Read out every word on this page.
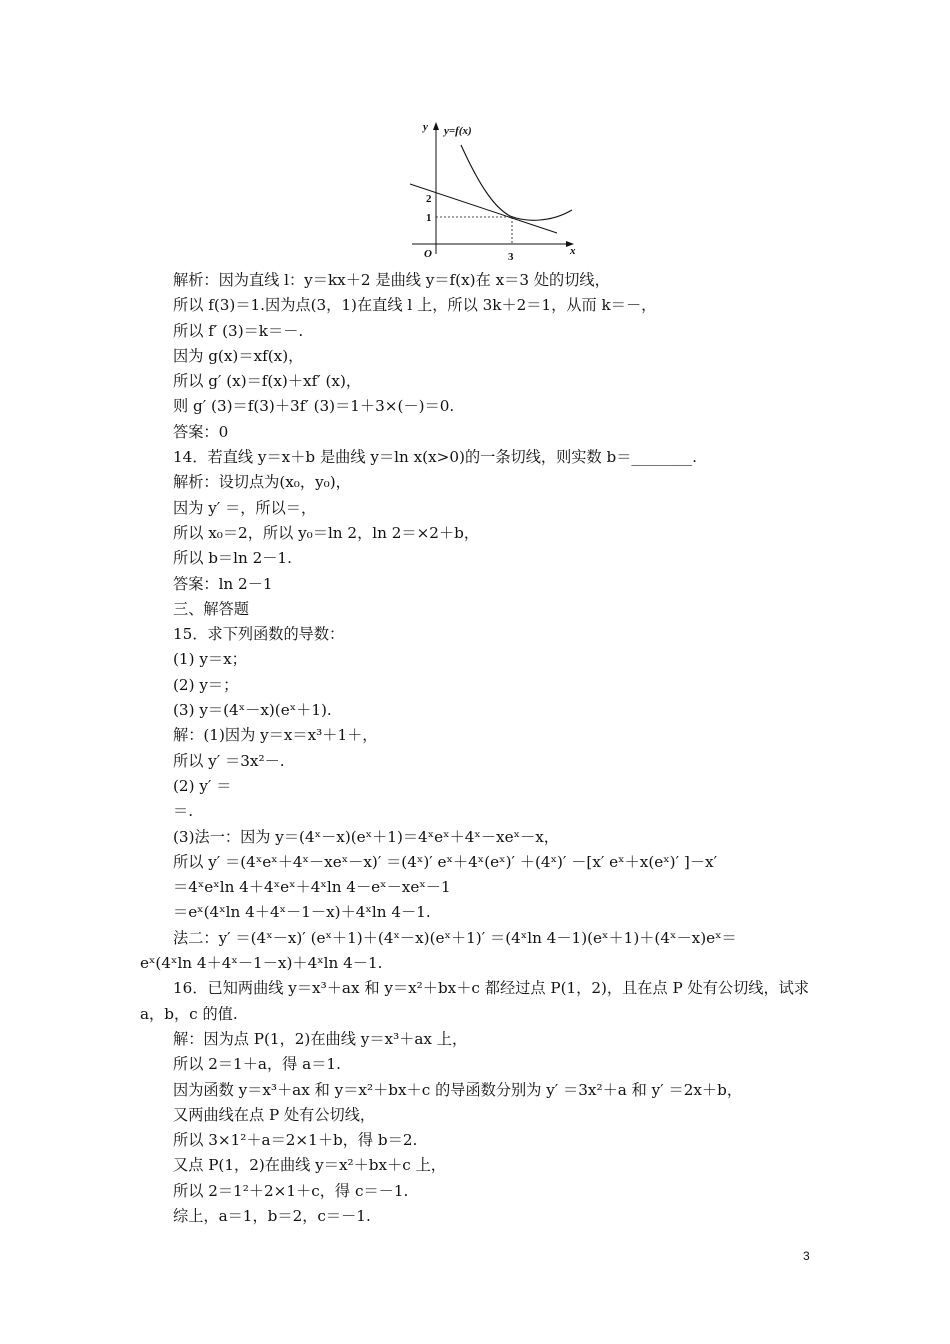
y y=f(x)
x
O
2
1
3
解析：因为直线 l：y＝kx＋2 是曲线 y＝f(x)在 x＝3 处的切线，
所以 f(3)＝1.因为点(3，1)在直线 l 上，所以 3k＋2＝1，从而 k＝－，
所以 f′ (3)＝k＝－.
因为 g(x)＝xf(x)，
所以 g′ (x)＝f(x)＋xf′ (x)，
则 g′ (3)＝f(3)＋3f′ (3)＝1＋3×(－)＝0.
答案：0
14．若直线 y＝x＋b 是曲线 y＝ln x(x>0)的一条切线，则实数 b＝________.
解析：设切点为(x₀，y₀)，
因为 y′ ＝，所以＝，
所以 x₀＝2，所以 y₀＝ln 2，ln 2＝×2＋b，
所以 b＝ln 2－1.
答案：ln 2－1
三、解答题
15．求下列函数的导数：
(1) y＝x；
(2) y＝；
(3) y＝(4ˣ－x)(eˣ＋1).
解：(1)因为 y＝x＝x³＋1＋，
所以 y′ ＝3x²－.
(2) y′ ＝
＝.
(3)法一：因为 y＝(4ˣ－x)(eˣ＋1)＝4ˣeˣ＋4ˣ－xeˣ－x，
所以 y′ ＝(4ˣeˣ＋4ˣ－xeˣ－x)′ ＝(4ˣ)′ eˣ＋4ˣ(eˣ)′ ＋(4ˣ)′ －[x′ eˣ＋x(eˣ)′ ]－x′
＝4ˣeˣln 4＋4ˣeˣ＋4ˣln 4－eˣ－xeˣ－1
＝eˣ(4ˣln 4＋4ˣ－1－x)＋4ˣln 4－1.
法二：y′ ＝(4ˣ－x)′ (eˣ＋1)＋(4ˣ－x)(eˣ＋1)′ ＝(4ˣln 4－1)(eˣ＋1)＋(4ˣ－x)eˣ＝
eˣ(4ˣln 4＋4ˣ－1－x)＋4ˣln 4－1.
16．已知两曲线 y＝x³＋ax 和 y＝x²＋bx＋c 都经过点 P(1，2)，且在点 P 处有公切线，试求
a，b，c 的值.
解：因为点 P(1，2)在曲线 y＝x³＋ax 上，
所以 2＝1＋a，得 a＝1.
因为函数 y＝x³＋ax 和 y＝x²＋bx＋c 的导函数分别为 y′ ＝3x²＋a 和 y′ ＝2x＋b，
又两曲线在点 P 处有公切线，
所以 3×1²＋a＝2×1＋b，得 b＝2.
又点 P(1，2)在曲线 y＝x²＋bx＋c 上，
所以 2＝1²＋2×1＋c，得 c＝－1.
综上，a＝1，b＝2，c＝－1.
3
